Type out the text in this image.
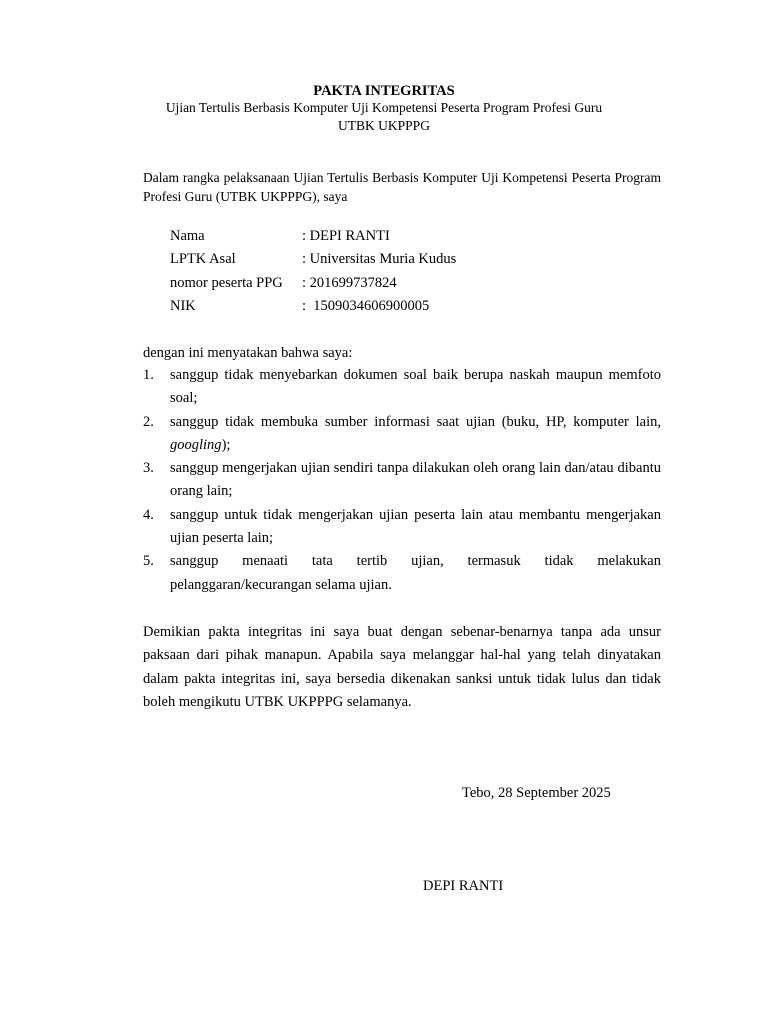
PAKTA INTEGRITAS
Ujian Tertulis Berbasis Komputer Uji Kompetensi Peserta Program Profesi Guru
UTBK UKPPPG
Dalam rangka pelaksanaan Ujian Tertulis Berbasis Komputer Uji Kompetensi Peserta Program Profesi Guru (UTBK UKPPPG), saya
Nama	: DEPI RANTI
LPTK Asal	: Universitas Muria Kudus
nomor peserta PPG	: 201699737824
NIK	:  1509034606900005
dengan ini menyatakan bahwa saya:
1.	sanggup tidak menyebarkan dokumen soal baik berupa naskah maupun memfoto soal;
2.	sanggup tidak membuka sumber informasi saat ujian (buku, HP, komputer lain, googling);
3.	sanggup mengerjakan ujian sendiri tanpa dilakukan oleh orang lain dan/atau dibantu orang lain;
4.	sanggup untuk tidak mengerjakan ujian peserta lain atau membantu mengerjakan ujian peserta lain;
5.	sanggup menaati tata tertib ujian, termasuk tidak melakukan
pelanggaran/kecurangan selama ujian.
Demikian pakta integritas ini saya buat dengan sebenar-benarnya tanpa ada unsur paksaan dari pihak manapun. Apabila saya melanggar hal-hal yang telah dinyatakan dalam pakta integritas ini, saya bersedia dikenakan sanksi untuk tidak lulus dan tidak boleh mengikutu UTBK UKPPPG selamanya.
Tebo, 28 September 2025
DEPI RANTI
